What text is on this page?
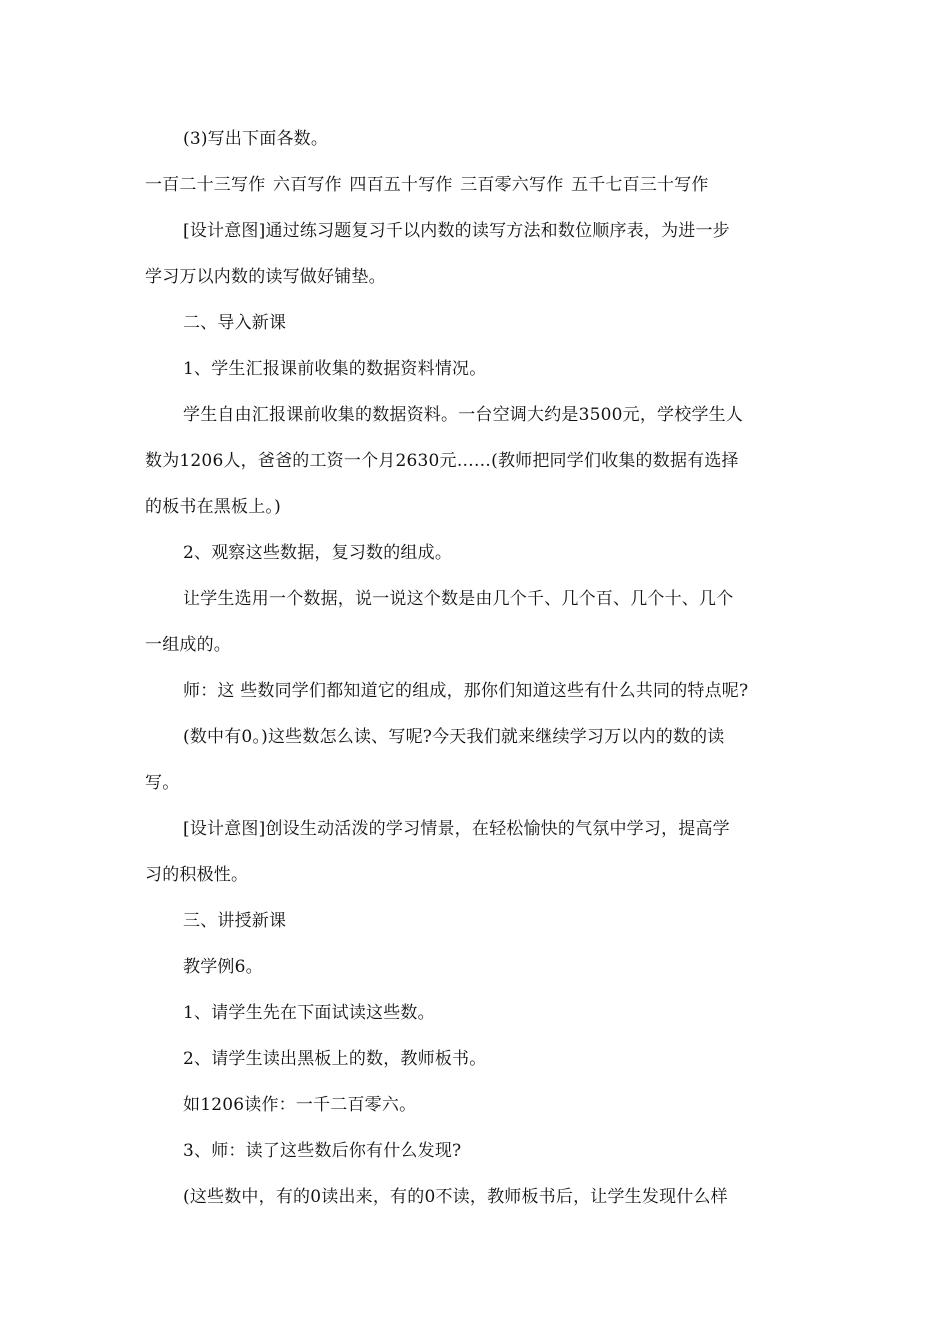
(3)写出下面各数。
一百二十三写作 六百写作 四百五十写作 三百零六写作 五千七百三十写作
[设计意图]通过练习题复习千以内数的读写方法和数位顺序表，为进一步
学习万以内数的读写做好铺垫。
二、导入新课
1、学生汇报课前收集的数据资料情况。
学生自由汇报课前收集的数据资料。一台空调大约是3500元，学校学生人
数为1206人，爸爸的工资一个月2630元……(教师把同学们收集的数据有选择
的板书在黑板上。)
2、观察这些数据，复习数的组成。
让学生选用一个数据，说一说这个数是由几个千、几个百、几个十、几个
一组成的。
师：这 些数同学们都知道它的组成，那你们知道这些有什么共同的特点呢?
(数中有0。)这些数怎么读、写呢?今天我们就来继续学习万以内的数的读
写。
[设计意图]创设生动活泼的学习情景，在轻松愉快的气氛中学习，提高学
习的积极性。
三、讲授新课
教学例6。
1、请学生先在下面试读这些数。
2、请学生读出黑板上的数，教师板书。
如1206读作：一千二百零六。
3、师：读了这些数后你有什么发现?
(这些数中，有的0读出来，有的0不读，教师板书后，让学生发现什么样
